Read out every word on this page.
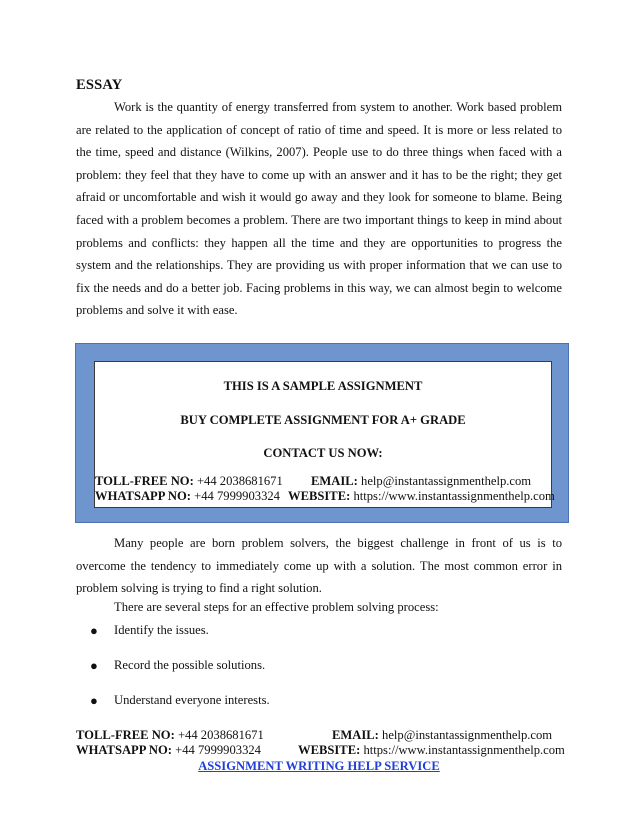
ESSAY

Work is the quantity of energy transferred from system to another. Work based problem are related to the application of concept of ratio of time and speed. It is more or less related to the time, speed and distance (Wilkins, 2007). People use to do three things when faced with a problem: they feel that they have to come up with an answer and it has to be the right; they get afraid or uncomfortable and wish it would go away and they look for someone to blame. Being faced with a problem becomes a problem. There are two important things to keep in mind about problems and conflicts: they happen all the time and they are opportunities to progress the system and the relationships. They are providing us with proper information that we can use to fix the needs and do a better job. Facing problems in this way, we can almost begin to welcome problems and solve it with ease.

THIS IS A SAMPLE ASSIGNMENT
BUY COMPLETE ASSIGNMENT FOR A+ GRADE
CONTACT US NOW:
TOLL-FREE NO: +44 2038681671 EMAIL: help@instantassignmenthelp.com
WHATSAPP NO: +44 7999903324 WEBSITE: https://www.instantassignmenthelp.com

Many people are born problem solvers, the biggest challenge in front of us is to overcome the tendency to immediately come up with a solution. The most common error in problem solving is trying to find a right solution.

There are several steps for an effective problem solving process:

● Identify the issues.
● Record the possible solutions.
● Understand everyone interests.
TOLL-FREE NO: +44 2038681671	EMAIL: help@instantassignmenthelp.com
WHATSAPP NO: +44 7999903324	WEBSITE: https://www.instantassignmenthelp.com
ASSIGNMENT WRITING HELP SERVICE
